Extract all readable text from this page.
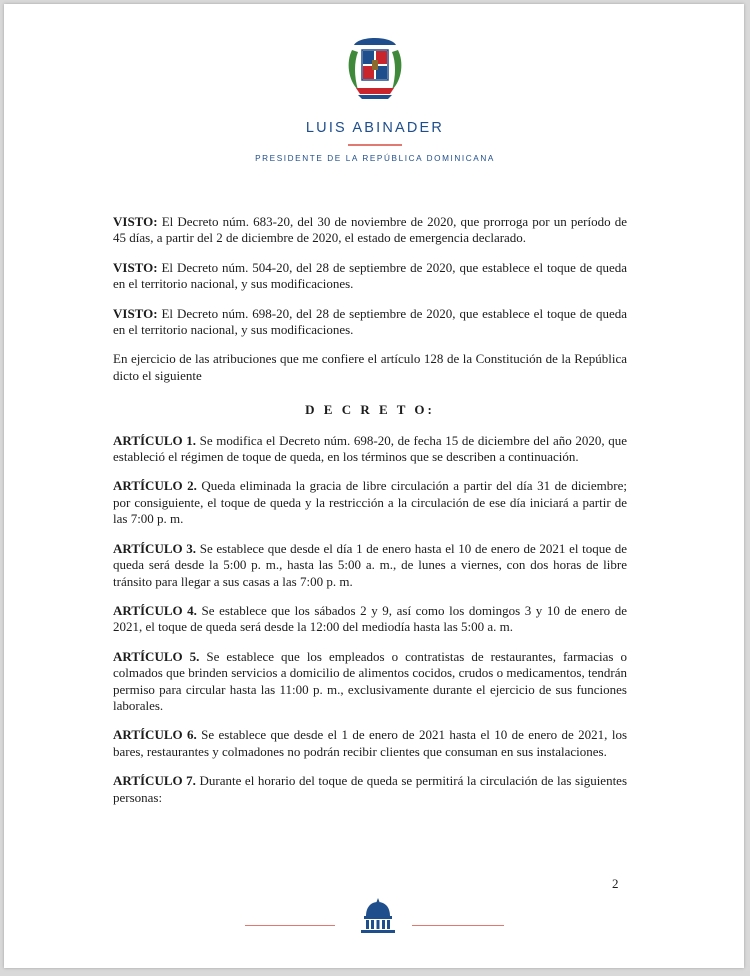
LUIS ABINADER
PRESIDENTE DE LA REPÚBLICA DOMINICANA

VISTO: El Decreto núm. 683-20, del 30 de noviembre de 2020, que prorroga por un período de 45 días, a partir del 2 de diciembre de 2020, el estado de emergencia declarado.

VISTO: El Decreto núm. 504-20, del 28 de septiembre de 2020, que establece el toque de queda en el territorio nacional, y sus modificaciones.

VISTO: El Decreto núm. 698-20, del 28 de septiembre de 2020, que establece el toque de queda en el territorio nacional, y sus modificaciones.

En ejercicio de las atribuciones que me confiere el artículo 128 de la Constitución de la República dicto el siguiente

D E C R E T O:

ARTÍCULO 1. Se modifica el Decreto núm. 698-20, de fecha 15 de diciembre del año 2020, que estableció el régimen de toque de queda, en los términos que se describen a continuación.

ARTÍCULO 2. Queda eliminada la gracia de libre circulación a partir del día 31 de diciembre; por consiguiente, el toque de queda y la restricción a la circulación de ese día iniciará a partir de las 7:00 p. m.

ARTÍCULO 3. Se establece que desde el día 1 de enero hasta el 10 de enero de 2021 el toque de queda será desde la 5:00 p. m., hasta las 5:00 a. m., de lunes a viernes, con dos horas de libre tránsito para llegar a sus casas a las 7:00 p. m.

ARTÍCULO 4. Se establece que los sábados 2 y 9, así como los domingos 3 y 10 de enero de 2021, el toque de queda será desde la 12:00 del mediodía hasta las 5:00 a. m.

ARTÍCULO 5. Se establece que los empleados o contratistas de restaurantes, farmacias o colmados que brinden servicios a domicilio de alimentos cocidos, crudos o medicamentos, tendrán permiso para circular hasta las 11:00 p. m., exclusivamente durante el ejercicio de sus funciones laborales.

ARTÍCULO 6. Se establece que desde el 1 de enero de 2021 hasta el 10 de enero de 2021, los bares, restaurantes y colmadones no podrán recibir clientes que consuman en sus instalaciones.

ARTÍCULO 7. Durante el horario del toque de queda se permitirá la circulación de las siguientes personas:

2
